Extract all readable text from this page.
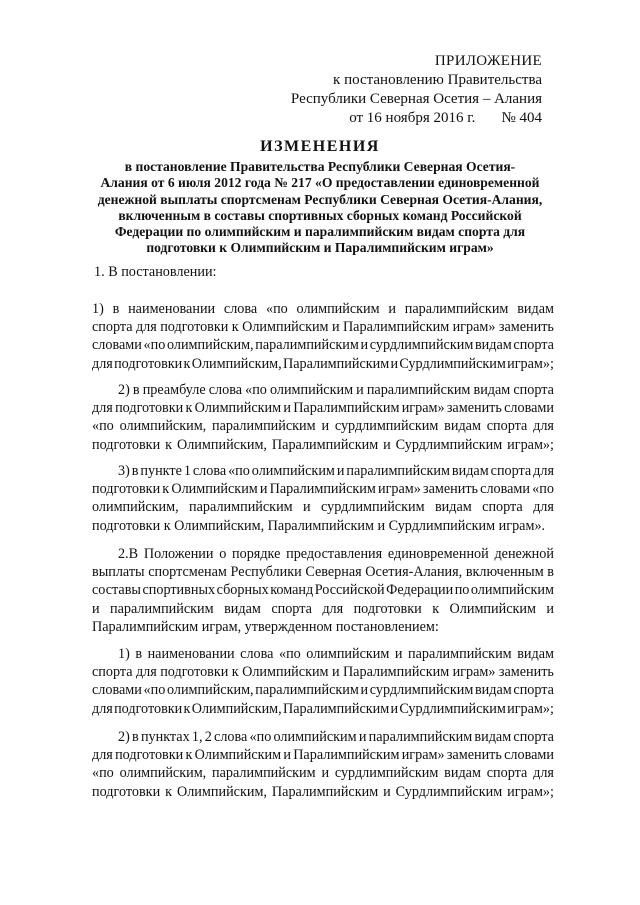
ПРИЛОЖЕНИЕ
к постановлению Правительства
Республики Северная Осетия – Алания
от 16 ноября 2016 г. № 404
ИЗМЕНЕНИЯ
в постановление Правительства Республики Северная Осетия-
Алания от 6 июля 2012 года № 217 «О предоставлении единовременной
денежной выплаты спортсменам Республики Северная Осетия-Алания,
включенным в составы спортивных сборных команд Российской
Федерации по олимпийским и паралимпийским видам спорта для
подготовки к Олимпийским и Паралимпийским играм»
1. В постановлении:
1) в наименовании слова «по олимпийским и паралимпийским видам
спорта для подготовки к Олимпийским и Паралимпийским играм» заменить
словами «по олимпийским, паралимпийским и сурдлимпийским видам спорта
для подготовки к Олимпийским, Паралимпийским и Сурдлимпийским играм»;
2) в преамбуле слова «по олимпийским и паралимпийским видам спорта
для подготовки к Олимпийским и Паралимпийским играм» заменить словами
«по олимпийским, паралимпийским и сурдлимпийским видам спорта для
подготовки к Олимпийским, Паралимпийским и Сурдлимпийским играм»;
3) в пункте 1 слова «по олимпийским и паралимпийским видам спорта для
подготовки к Олимпийским и Паралимпийским играм» заменить словами «по
олимпийским, паралимпийским и сурдлимпийским видам спорта для
подготовки к Олимпийским, Паралимпийским и Сурдлимпийским играм».
2.В Положении о порядке предоставления единовременной денежной
выплаты спортсменам Республики Северная Осетия-Алания, включенным в
составы спортивных сборных команд Российской Федерации по олимпийским
и паралимпийским видам спорта для подготовки к Олимпийским и
Паралимпийским играм, утвержденном постановлением:
1) в наименовании слова «по олимпийским и паралимпийским видам
спорта для подготовки к Олимпийским и Паралимпийским играм» заменить
словами «по олимпийским, паралимпийским и сурдлимпийским видам спорта
для подготовки к Олимпийским, Паралимпийским и Сурдлимпийским играм»;
2) в пунктах 1, 2 слова «по олимпийским и паралимпийским видам спорта
для подготовки к Олимпийским и Паралимпийским играм» заменить словами
«по олимпийским, паралимпийским и сурдлимпийским видам спорта для
подготовки к Олимпийским, Паралимпийским и Сурдлимпийским играм»;
